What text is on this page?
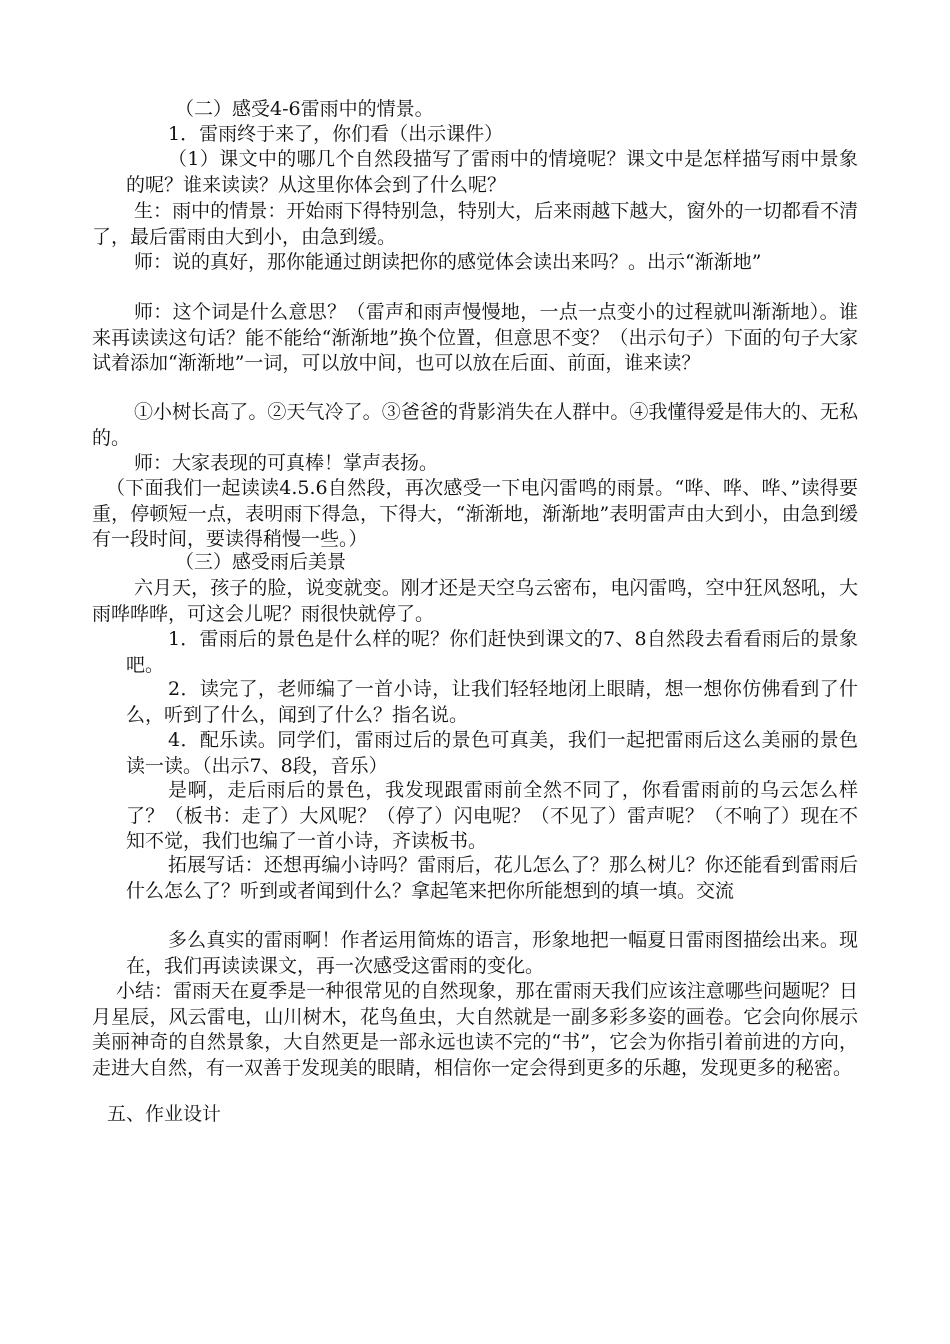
（二）感受4-6雷雨中的情景。

1．雷雨终于来了，你们看（出示课件）

（1）课文中的哪几个自然段描写了雷雨中的情境呢？课文中是怎样描写雨中景象的呢？谁来读读？从这里你体会到了什么呢？

生：雨中的情景：开始雨下得特别急，特别大，后来雨越下越大，窗外的一切都看不清了，最后雷雨由大到小，由急到缓。

师：说的真好，那你能通过朗读把你的感觉体会读出来吗？。出示“渐渐地”

师：这个词是什么意思？（雷声和雨声慢慢地，一点一点变小的过程就叫渐渐地）。谁来再读读这句话？能不能给“渐渐地”换个位置，但意思不变？（出示句子）下面的句子大家试着添加“渐渐地”一词，可以放中间，也可以放在后面、前面，谁来读？

①小树长高了。②天气冷了。③爸爸的背影消失在人群中。④我懂得爱是伟大的、无私的。

师：大家表现的可真棒！掌声表扬。

（下面我们一起读读4.5.6自然段，再次感受一下电闪雷鸣的雨景。“哗、哗、哗、”读得要重，停顿短一点，表明雨下得急，下得大，“渐渐地，渐渐地”表明雷声由大到小，由急到缓有一段时间，要读得稍慢一些。）

（三）感受雨后美景

六月天，孩子的脸，说变就变。刚才还是天空乌云密布，电闪雷鸣，空中狂风怒吼，大雨哗哗哗，可这会儿呢？雨很快就停了。

1．雷雨后的景色是什么样的呢？你们赶快到课文的7、8自然段去看看雨后的景象吧。

2．读完了，老师编了一首小诗，让我们轻轻地闭上眼睛，想一想你仿佛看到了什么，听到了什么，闻到了什么？指名说。

4．配乐读。同学们，雷雨过后的景色可真美，我们一起把雷雨后这么美丽的景色读一读。（出示7、8段，音乐）

是啊，走后雨后的景色，我发现跟雷雨前全然不同了，你看雷雨前的乌云怎么样了？（板书：走了）大风呢？（停了）闪电呢？（不见了）雷声呢？（不响了）现在不知不觉，我们也编了一首小诗，齐读板书。

拓展写话：还想再编小诗吗？雷雨后，花儿怎么了？那么树儿？你还能看到雷雨后什么怎么了？听到或者闻到什么？拿起笔来把你所能想到的填一填。交流

多么真实的雷雨啊！作者运用简炼的语言，形象地把一幅夏日雷雨图描绘出来。现在，我们再读读课文，再一次感受这雷雨的变化。

小结：雷雨天在夏季是一种很常见的自然现象，那在雷雨天我们应该注意哪些问题呢？日月星辰，风云雷电，山川树木，花鸟鱼虫，大自然就是一副多彩多姿的画卷。它会向你展示美丽神奇的自然景象，大自然更是一部永远也读不完的“书”，它会为你指引着前进的方向，走进大自然，有一双善于发现美的眼睛，相信你一定会得到更多的乐趣，发现更多的秘密。

五、作业设计
